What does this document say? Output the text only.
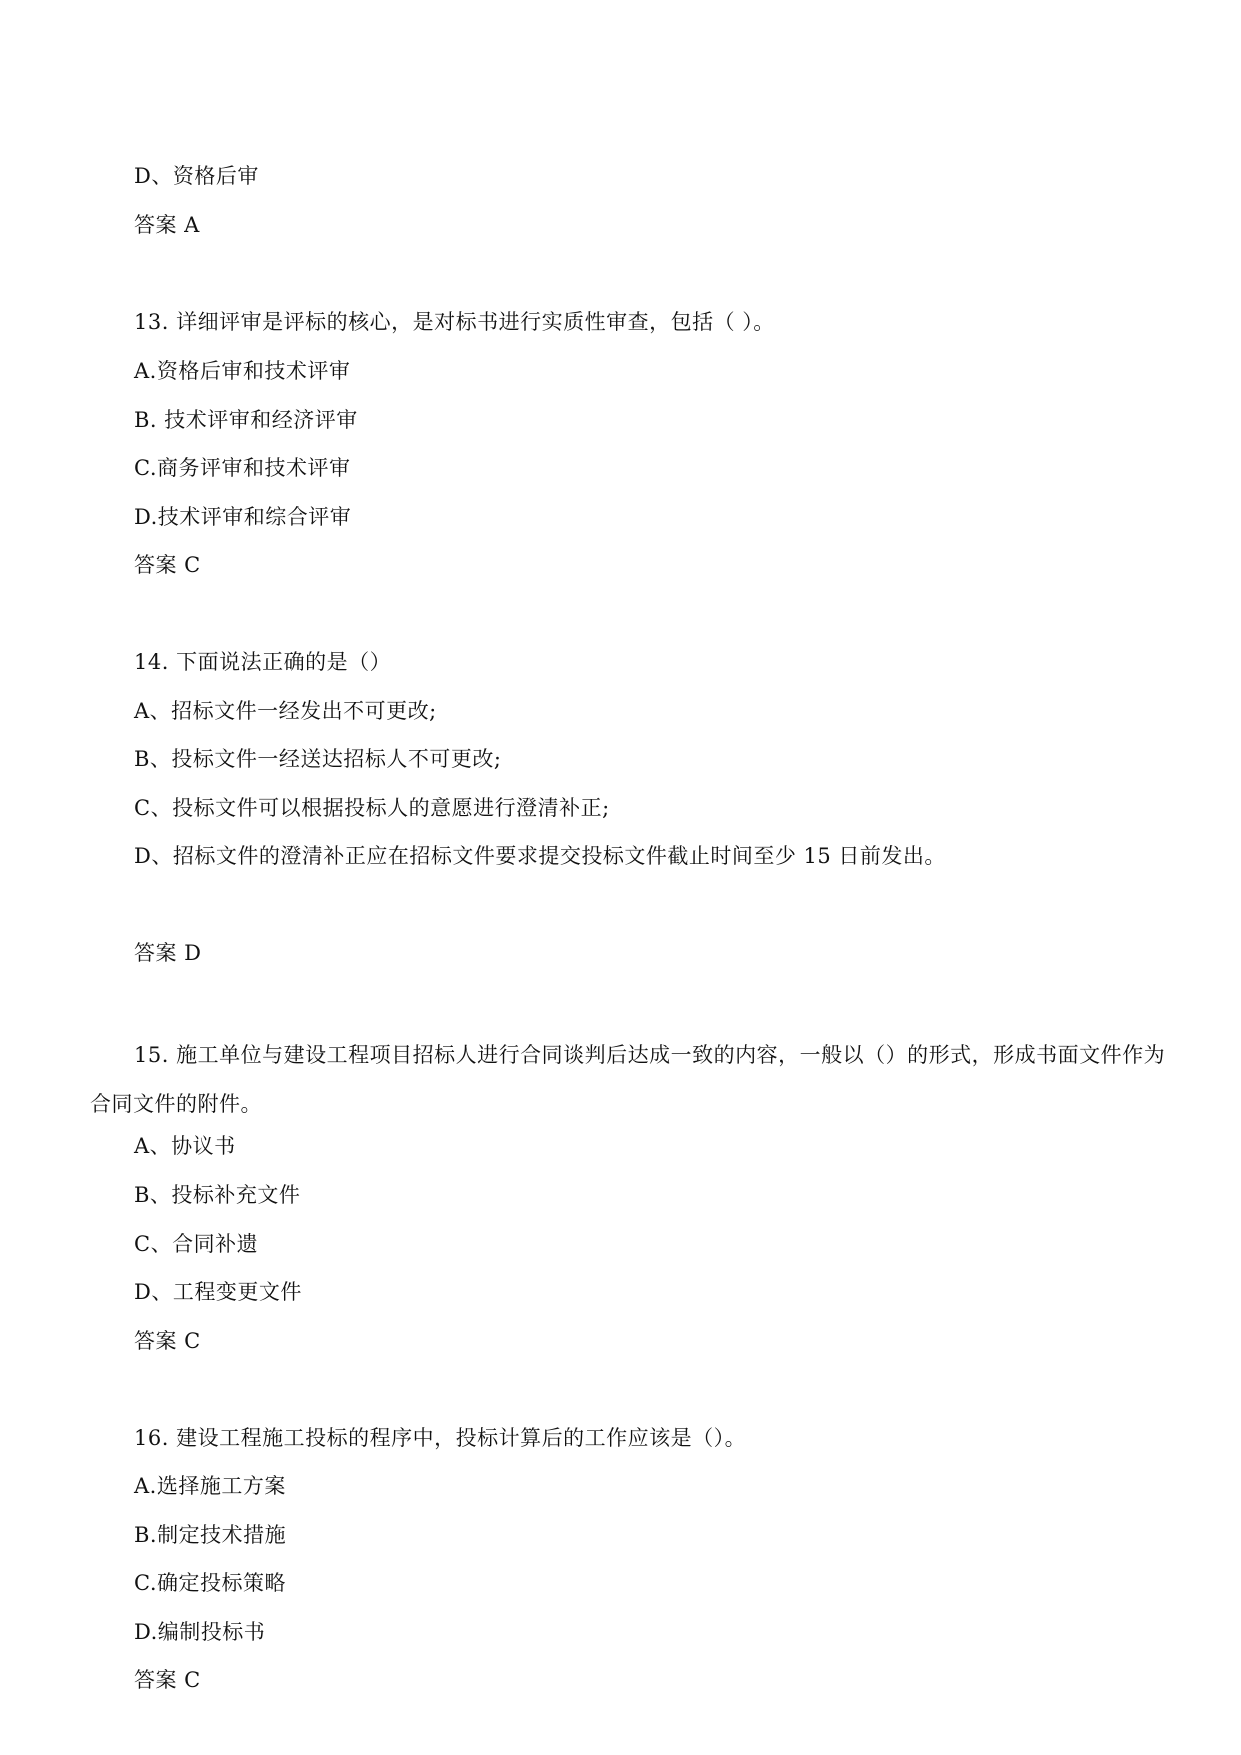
D、资格后审
答案 A
13. 详细评审是评标的核心，是对标书进行实质性审查，包括（ ）。
A.资格后审和技术评审
B. 技术评审和经济评审
C.商务评审和技术评审
D.技术评审和综合评审
答案 C
14. 下面说法正确的是（）
A、招标文件一经发出不可更改;
B、投标文件一经送达招标人不可更改;
C、投标文件可以根据投标人的意愿进行澄清补正;
D、招标文件的澄清补正应在招标文件要求提交投标文件截止时间至少 15 日前发出。
答案 D
15. 施工单位与建设工程项目招标人进行合同谈判后达成一致的内容，一般以（）的形式，形成书面文件作为合同文件的附件。
A、协议书
B、投标补充文件
C、合同补遗
D、工程变更文件
答案 C
16. 建设工程施工投标的程序中，投标计算后的工作应该是（）。
A.选择施工方案
B.制定技术措施
C.确定投标策略
D.编制投标书
答案 C
